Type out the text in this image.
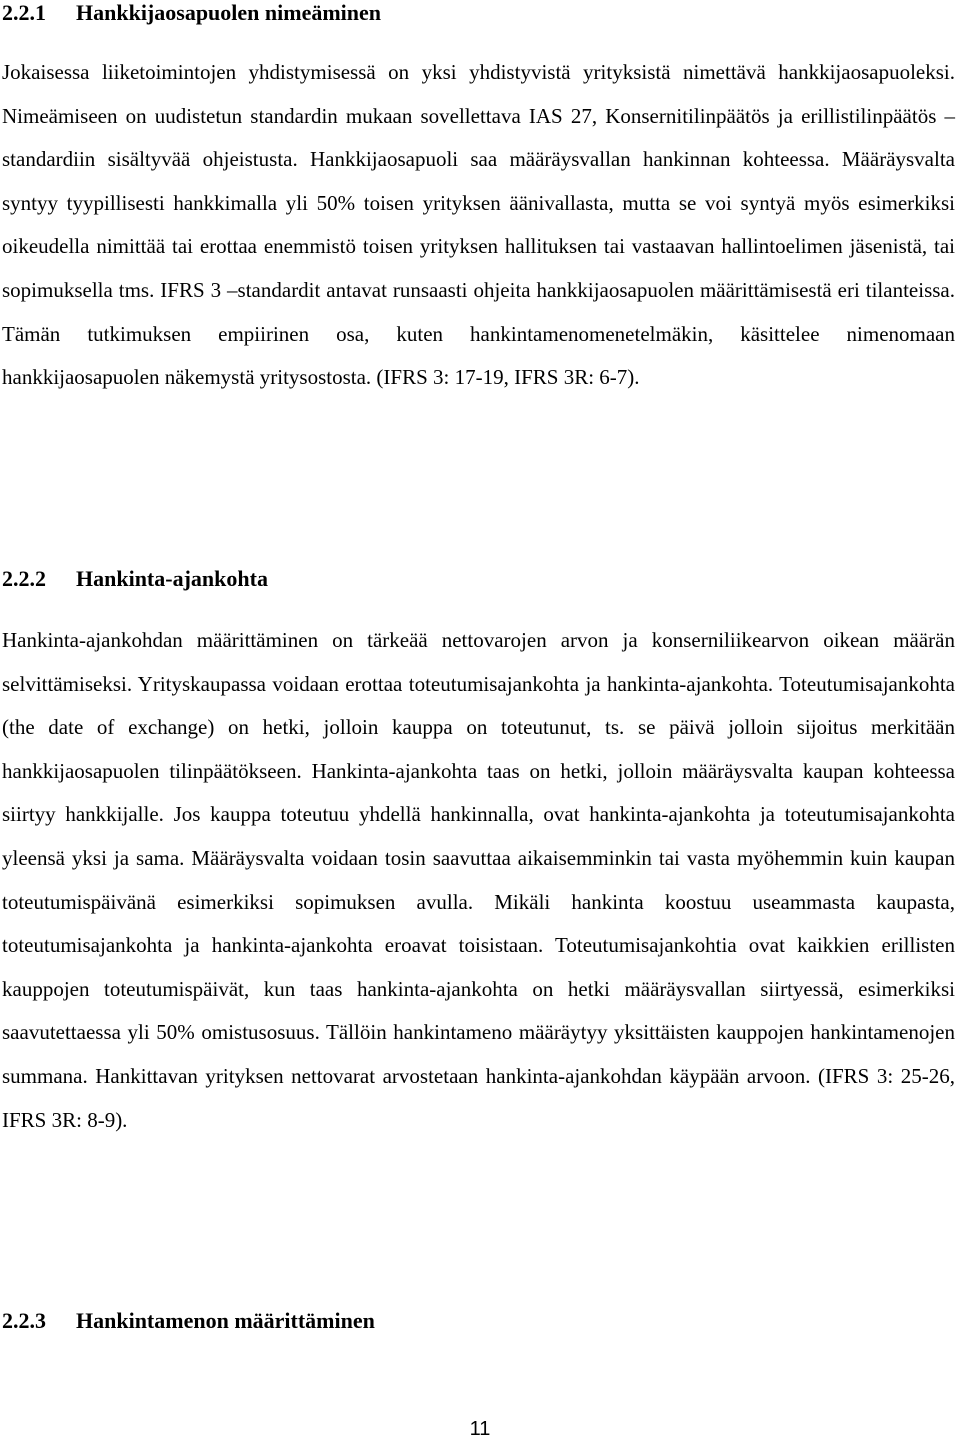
2.2.1 Hankkijaosapuolen nimeäminen

Jokaisessa liiketoimintojen yhdistymisessä on yksi yhdistyvistä yrityksistä nimettävä hankkijaosapuoleksi. Nimeämiseen on uudistetun standardin mukaan sovellettava IAS 27, Konsernitilinpäätös ja erillistilinpäätös –standardiin sisältyvää ohjeistusta. Hankkijaosapuoli saa määräysvallan hankinnan kohteessa. Määräysvalta syntyy tyypillisesti hankkimalla yli 50% toisen yrityksen äänivallasta, mutta se voi syntyä myös esimerkiksi oikeudella nimittää tai erottaa enemmistö toisen yrityksen hallituksen tai vastaavan hallintoelimen jäsenistä, tai sopimuksella tms. IFRS 3 –standardit antavat runsaasti ohjeita hankkijaosapuolen määrittämisestä eri tilanteissa. Tämän tutkimuksen empiirinen osa, kuten hankintamenomenetelmäkin, käsittelee nimenomaan hankkijaosapuolen näkemystä yritysostosta. (IFRS 3: 17-19, IFRS 3R: 6-7).

2.2.2 Hankinta-ajankohta

Hankinta-ajankohdan määrittäminen on tärkeää nettovarojen arvon ja konserniliikearvon oikean määrän selvittämiseksi. Yrityskaupassa voidaan erottaa toteutumisajankohta ja hankinta-ajankohta. Toteutumisajankohta (the date of exchange) on hetki, jolloin kauppa on toteutunut, ts. se päivä jolloin sijoitus merkitään hankkijaosapuolen tilinpäätökseen. Hankinta-ajankohta taas on hetki, jolloin määräysvalta kaupan kohteessa siirtyy hankkijalle. Jos kauppa toteutuu yhdellä hankinnalla, ovat hankinta-ajankohta ja toteutumisajankohta yleensä yksi ja sama. Määräysvalta voidaan tosin saavuttaa aikaisemminkin tai vasta myöhemmin kuin kaupan toteutumispäivänä esimerkiksi sopimuksen avulla. Mikäli hankinta koostuu useammasta kaupasta, toteutumisajankohta ja hankinta-ajankohta eroavat toisistaan. Toteutumisajankohtia ovat kaikkien erillisten kauppojen toteutumispäivät, kun taas hankinta-ajankohta on hetki määräysvallan siirtyessä, esimerkiksi saavutettaessa yli 50% omistusosuus. Tällöin hankintameno määräytyy yksittäisten kauppojen hankintamenojen summana. Hankittavan yrityksen nettovarat arvostetaan hankinta-ajankohdan käypään arvoon. (IFRS 3: 25-26, IFRS 3R: 8-9).

2.2.3 Hankintamenon määrittäminen
11
